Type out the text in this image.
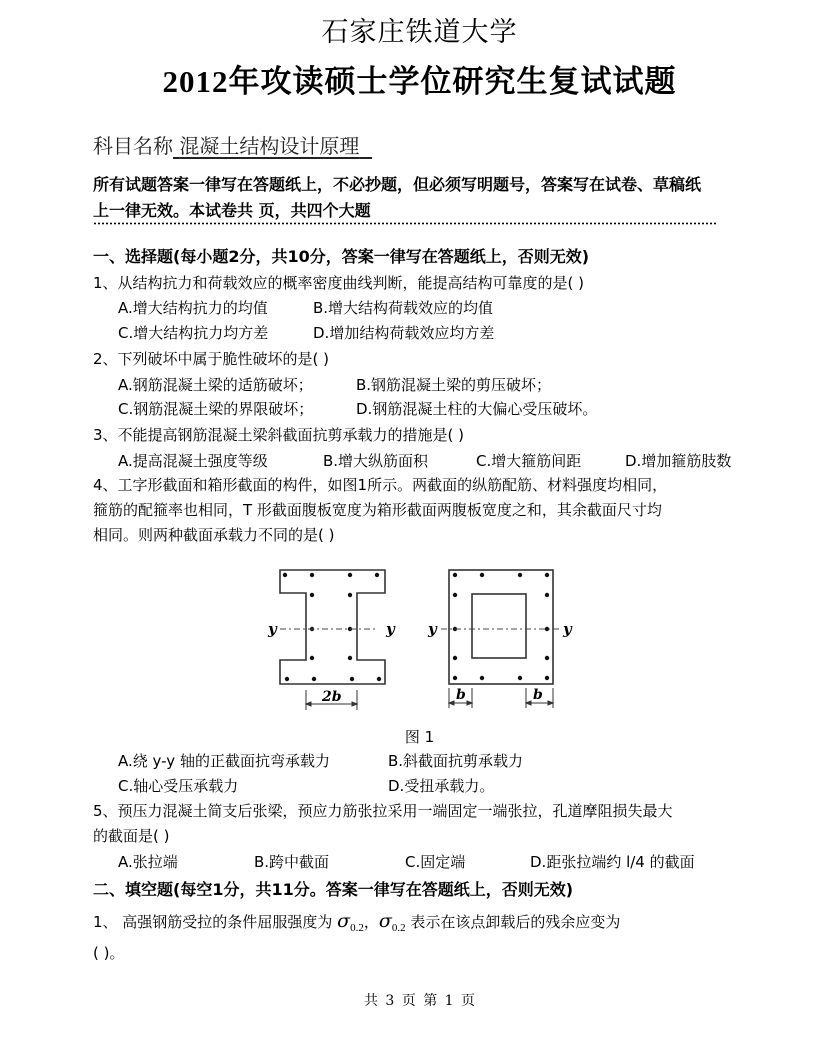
石家庄铁道大学
2012年攻读硕士学位研究生复试试题
科目名称 混凝土结构设计原理
所有试题答案一律写在答题纸上，不必抄题，但必须写明题号，答案写在试卷、草稿纸
上一律无效。本试卷共 页，共四个大题
一、选择题(每小题2分，共10分，答案一律写在答题纸上，否则无效)
1、从结构抗力和荷载效应的概率密度曲线判断，能提高结构可靠度的是( )
A.增大结构抗力的均值	B.增大结构荷载效应的均值
C.增大结构抗力均方差	D.增加结构荷载效应均方差
2、下列破坏中属于脆性破坏的是( )
A.钢筋混凝土梁的适筋破坏；	B.钢筋混凝土梁的剪压破坏；
C.钢筋混凝土梁的界限破坏；	D.钢筋混凝土柱的大偏心受压破坏。
3、不能提高钢筋混凝土梁斜截面抗剪承载力的措施是( )
A.提高混凝土强度等级	B.增大纵筋面积	C.增大箍筋间距	D.增加箍筋肢数
4、工字形截面和箱形截面的构件，如图1所示。两截面的纵筋配筋、材料强度均相同，
箍筋的配箍率也相同，T 形截面腹板宽度为箱形截面两腹板宽度之和，其余截面尺寸均
相同。则两种截面承载力不同的是( )
y	y
2b
y	y
b	b
图 1
A.绕 y-y 轴的正截面抗弯承载力	B.斜截面抗剪承载力
C.轴心受压承载力	D.受扭承载力。
5、预压力混凝土简支后张梁，预应力筋张拉采用一端固定一端张拉，孔道摩阻损失最大
的截面是( )
A.张拉端	B.跨中截面	C.固定端	D.距张拉端约 l/4 的截面
二、填空题(每空1分，共11分。答案一律写在答题纸上，否则无效)
1、 高强钢筋受拉的条件屈服强度为 $\sigma_{0.2}$，$\sigma_{0.2}$ 表示在该点卸载后的残余应变为
( )。
共 3 页 第 1 页
